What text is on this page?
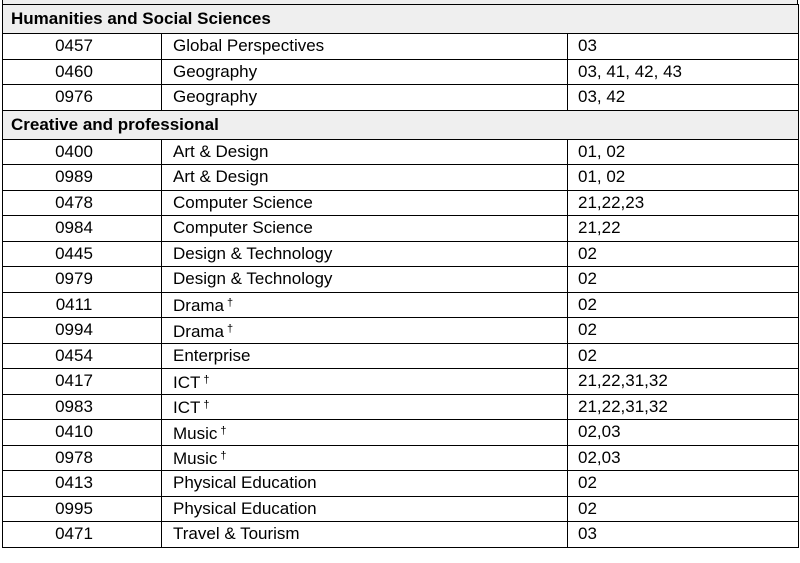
Humanities and Social Sciences		
0457	Global Perspectives	03
0460	Geography	03, 41, 42, 43
0976	Geography	03, 42
Creative and professional		
0400	Art & Design	01, 02
0989	Art & Design	01, 02
0478	Computer Science	21,22,23
0984	Computer Science	21,22
0445	Design & Technology	02
0979	Design & Technology	02
0411	Drama †	02
0994	Drama †	02
0454	Enterprise	02
0417	ICT †	21,22,31,32
0983	ICT †	21,22,31,32
0410	Music †	02,03
0978	Music †	02,03
0413	Physical Education	02
0995	Physical Education	02
0471	Travel & Tourism	03
